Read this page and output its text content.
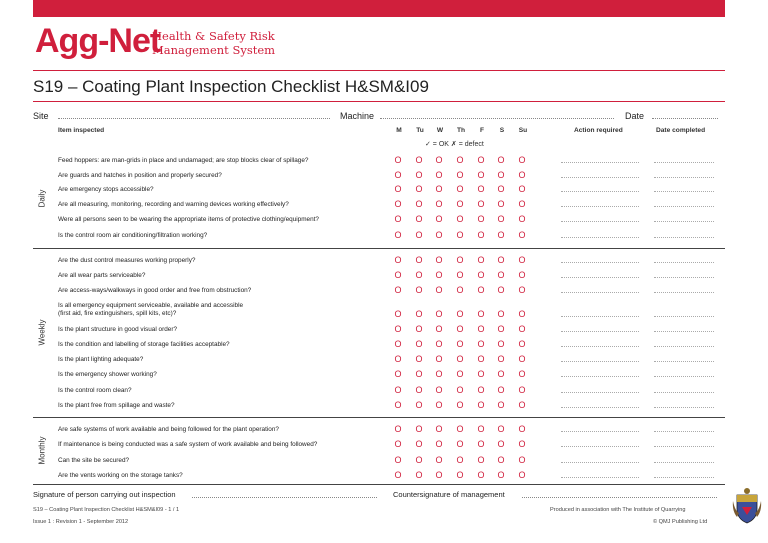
Agg-Net
Health & Safety Risk
Management System
S19 – Coating Plant Inspection Checklist H&SM&I09
Site	Machine	Date
Item inspected	M	Tu W Th	F	S	Su	Action required	Date completed
✓ = OK ✗ = defect
Daily
Feed hoppers: are man-grids in place and undamaged; are stop blocks clear of spillage?	O O O O O O O
Are guards and hatches in position and properly secured?	O O O O O O O
Are emergency stops accessible?	O O O O O O O
Are all measuring, monitoring, recording and warning devices working effectively?	O O O O O O O
Were all persons seen to be wearing the appropriate items of protective clothing/equipment?	O O O O O O O
Is the control room air conditioning/filtration working?	O O O O O O O
Weekly
Are the dust control measures working properly?	O O O O O O O
Are all wear parts serviceable?	O O O O O O O
Are access-ways/walkways in good order and free from obstruction?	O O O O O O O
Is all emergency equipment serviceable, available and accessible
(first aid, fire extinguishers, spill kits, etc)?	O O O O O O O
Is the plant structure in good visual order?	O O O O O O O
Is the condition and labelling of storage facilities acceptable?	O O O O O O O
Is the plant lighting adequate?	O O O O O O O
Is the emergency shower working?	O O O O O O O
Is the control room clean?	O O O O O O O
Is the plant free from spillage and waste?	O O O O O O O
Monthly
Are safe systems of work available and being followed for the plant operation?	O O O O O O O
If maintenance is being conducted was a safe system of work available and being followed?	O O O O O O O
Can the site be secured?	O O O O O O O
Are the vents working on the storage tanks?	O O O O O O O
Signature of person carrying out inspection	Countersignature of management
S19 – Coating Plant Inspection Checklist H&SM&I09 - 1 / 1
Issue 1 : Revision 1 - September 2012
Produced in association with The Institute of Quarrying
© QMJ Publishing Ltd
